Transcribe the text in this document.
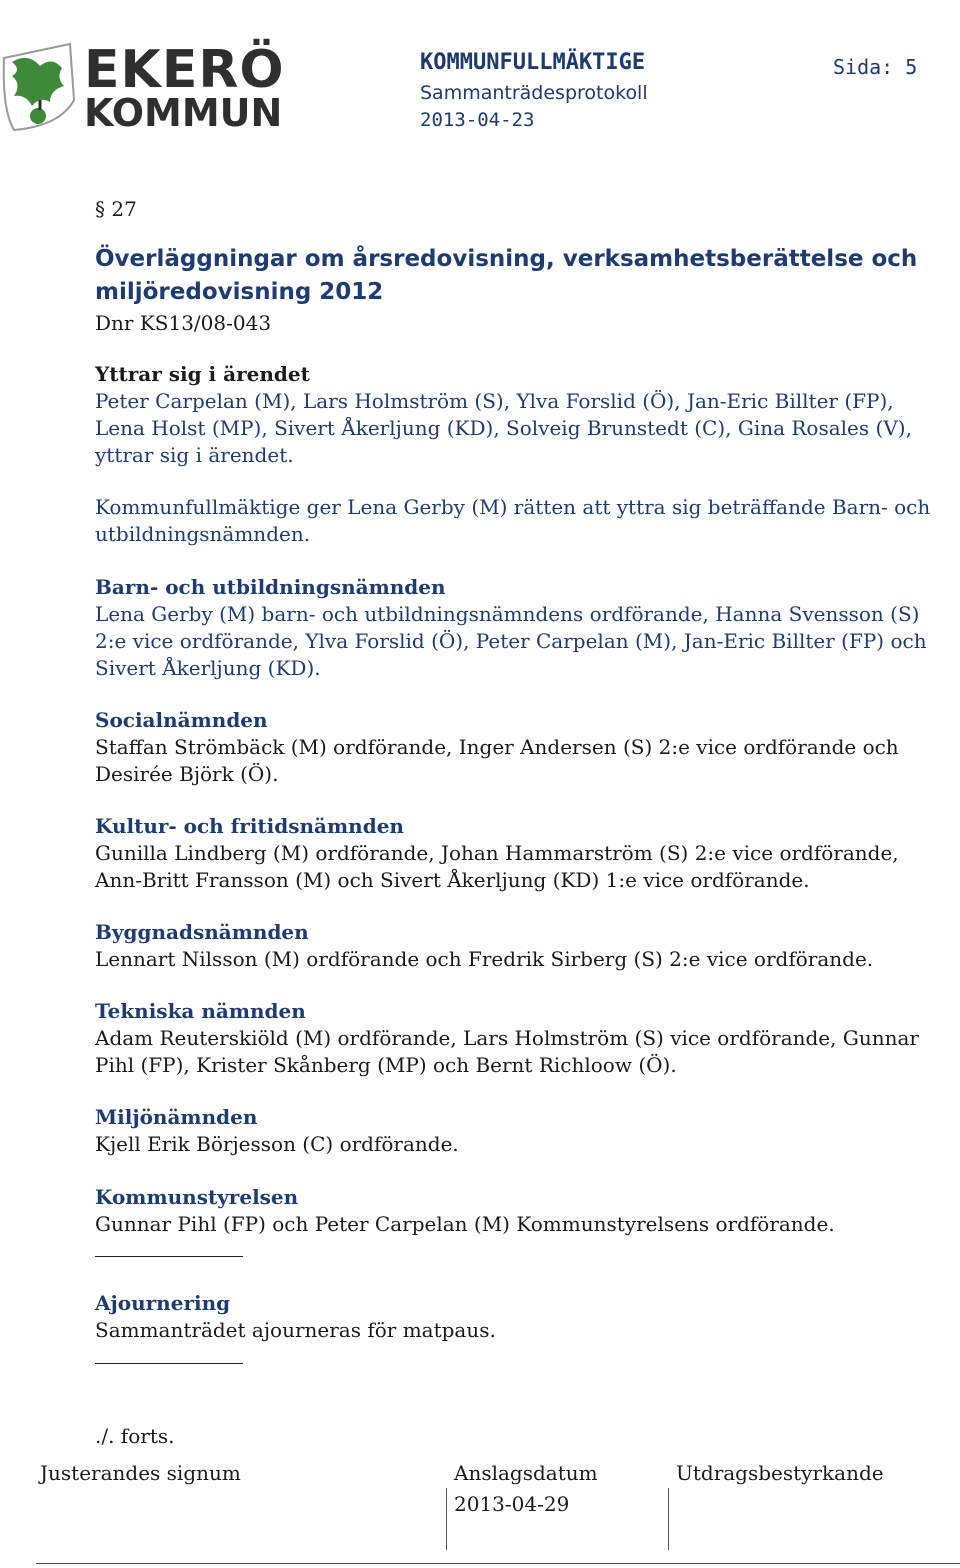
EKERÖ
KOMMUN
KOMMUNFULLMÄKTIGE
Sammanträdesprotokoll
2013-04-23
Sida: 5
§ 27
Överläggningar om årsredovisning, verksamhetsberättelse och
miljöredovisning 2012
Dnr KS13/08-043
Yttrar sig i ärendet
Peter Carpelan (M), Lars Holmström (S), Ylva Forslid (Ö), Jan-Eric Billter (FP),
Lena Holst (MP), Sivert Åkerljung (KD), Solveig Brunstedt (C), Gina Rosales (V),
yttrar sig i ärendet.
Kommunfullmäktige ger Lena Gerby (M) rätten att yttra sig beträffande Barn- och
utbildningsnämnden.
Barn- och utbildningsnämnden
Lena Gerby (M) barn- och utbildningsnämndens ordförande, Hanna Svensson (S)
2:e vice ordförande, Ylva Forslid (Ö), Peter Carpelan (M), Jan-Eric Billter (FP) och
Sivert Åkerljung (KD).
Socialnämnden
Staffan Strömbäck (M) ordförande, Inger Andersen (S) 2:e vice ordförande och
Desirée Björk (Ö).
Kultur- och fritidsnämnden
Gunilla Lindberg (M) ordförande, Johan Hammarström (S) 2:e vice ordförande,
Ann-Britt Fransson (M) och Sivert Åkerljung (KD) 1:e vice ordförande.
Byggnadsnämnden
Lennart Nilsson (M) ordförande och Fredrik Sirberg (S) 2:e vice ordförande.
Tekniska nämnden
Adam Reuterskiöld (M) ordförande, Lars Holmström (S) vice ordförande, Gunnar
Pihl (FP), Krister Skånberg (MP) och Bernt Richloow (Ö).
Miljönämnden
Kjell Erik Börjesson (C) ordförande.
Kommunstyrelsen
Gunnar Pihl (FP) och Peter Carpelan (M) Kommunstyrelsens ordförande.
Ajournering
Sammanträdet ajourneras för matpaus.
./. forts.
Justerandes signum	Anslagsdatum
2013-04-29
Utdragsbestyrkande
